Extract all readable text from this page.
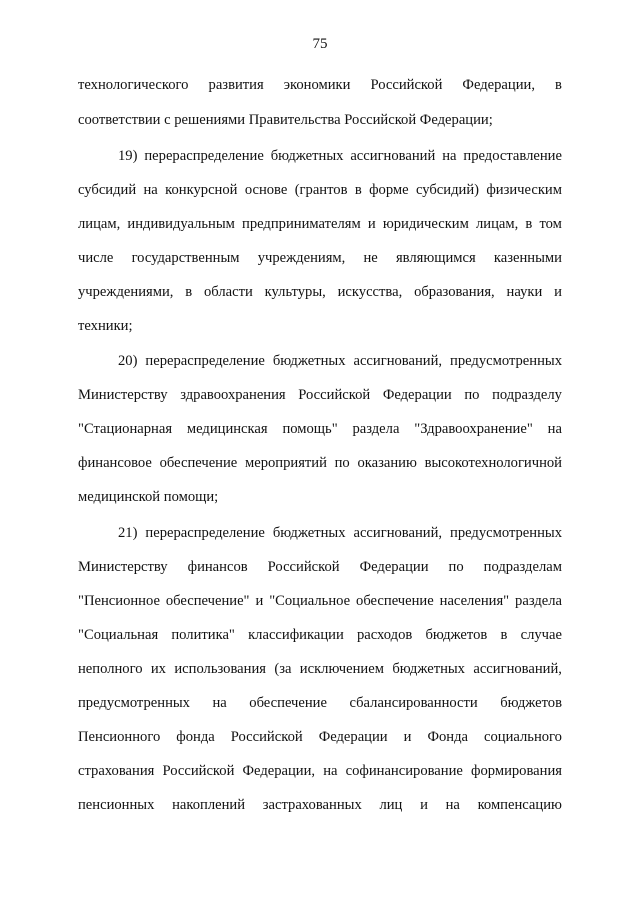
75
технологического развития экономики Российской Федерации, в
соответствии с решениями Правительства Российской Федерации;
19) перераспределение бюджетных ассигнований на предоставление
субсидий на конкурсной основе (грантов в форме субсидий) физическим
лицам, индивидуальным предпринимателям и юридическим лицам, в том
числе государственным учреждениям, не являющимся казенными
учреждениями, в области культуры, искусства, образования, науки и
техники;
20) перераспределение бюджетных ассигнований, предусмотренных
Министерству здравоохранения Российской Федерации по подразделу
"Стационарная медицинская помощь" раздела "Здравоохранение" на
финансовое обеспечение мероприятий по оказанию высокотехнологичной
медицинской помощи;
21) перераспределение бюджетных ассигнований, предусмотренных
Министерству финансов Российской Федерации по подразделам
"Пенсионное обеспечение" и "Социальное обеспечение населения" раздела
"Социальная политика" классификации расходов бюджетов в случае
неполного их использования (за исключением бюджетных ассигнований,
предусмотренных на обеспечение сбалансированности бюджетов
Пенсионного фонда Российской Федерации и Фонда социального
страхования Российской Федерации, на софинансирование формирования
пенсионных накоплений застрахованных лиц и на компенсацию
